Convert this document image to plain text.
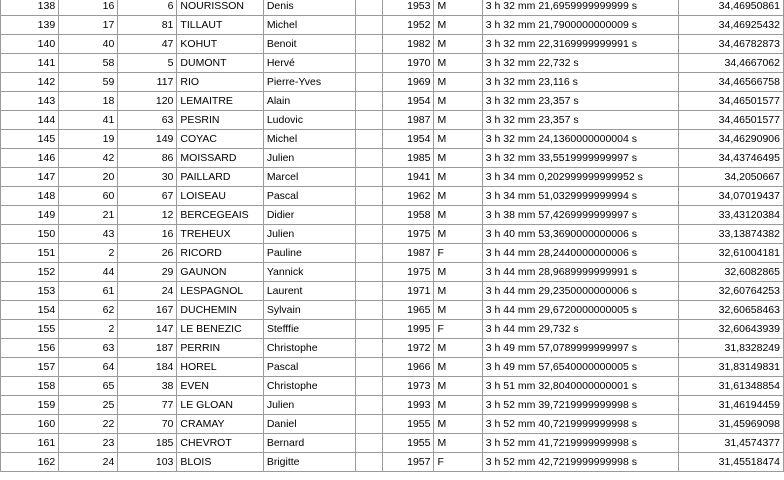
138	16	6	NOURISSON	Denis		1953	M	3 h 32 mm 21,6959999999999 s	34,46950861
139	17	81	TILLAUT	Michel		1952	M	3 h 32 mm 21,7900000000009 s	34,46925432
140	40	47	KOHUT	Benoit		1982	M	3 h 32 mm 22,3169999999991 s	34,46782873
141	58	5	DUMONT	Hervé		1970	M	3 h 32 mm 22,732 s	34,4667062
142	59	117	RIO	Pierre-Yves		1969	M	3 h 32 mm 23,116 s	34,46566758
143	18	120	LEMAITRE	Alain		1954	M	3 h 32 mm 23,357 s	34,46501577
144	41	63	PESRIN	Ludovic		1987	M	3 h 32 mm 23,357 s	34,46501577
145	19	149	COYAC	Michel		1954	M	3 h 32 mm 24,1360000000004 s	34,46290906
146	42	86	MOISSARD	Julien		1985	M	3 h 32 mm 33,5519999999997 s	34,43746495
147	20	30	PAILLARD	Marcel		1941	M	3 h 34 mm 0,202999999999952 s	34,2050667
148	60	67	LOISEAU	Pascal		1962	M	3 h 34 mm 51,0329999999994 s	34,07019437
149	21	12	BERCEGEAIS	Didier		1958	M	3 h 38 mm 57,4269999999997 s	33,43120384
150	43	16	TREHEUX	Julien		1975	M	3 h 40 mm 53,3690000000006 s	33,13874382
151	2	26	RICORD	Pauline		1987	F	3 h 44 mm 28,2440000000006 s	32,61004181
152	44	29	GAUNON	Yannick		1975	M	3 h 44 mm 28,9689999999991 s	32,6082865
153	61	24	LESPAGNOL	Laurent		1971	M	3 h 44 mm 29,2350000000006 s	32,60764253
154	62	167	DUCHEMIN	Sylvain		1965	M	3 h 44 mm 29,6720000000005 s	32,60658463
155	2	147	LE BENEZIC	Stefffie		1995	F	3 h 44 mm 29,732 s	32,60643939
156	63	187	PERRIN	Christophe		1972	M	3 h 49 mm 57,0789999999997 s	31,8328249
157	64	184	HOREL	Pascal		1966	M	3 h 49 mm 57,6540000000005 s	31,83149831
158	65	38	EVEN	Christophe		1973	M	3 h 51 mm 32,8040000000001 s	31,61348854
159	25	77	LE GLOAN	Julien		1993	M	3 h 52 mm 39,7219999999998 s	31,46194459
160	22	70	CRAMAY	Daniel		1955	M	3 h 52 mm 40,7219999999998 s	31,45969098
161	23	185	CHEVROT	Bernard		1955	M	3 h 52 mm 41,7219999999998 s	31,4574377
162	24	103	BLOIS	Brigitte		1957	F	3 h 52 mm 42,7219999999998 s	31,45518474
